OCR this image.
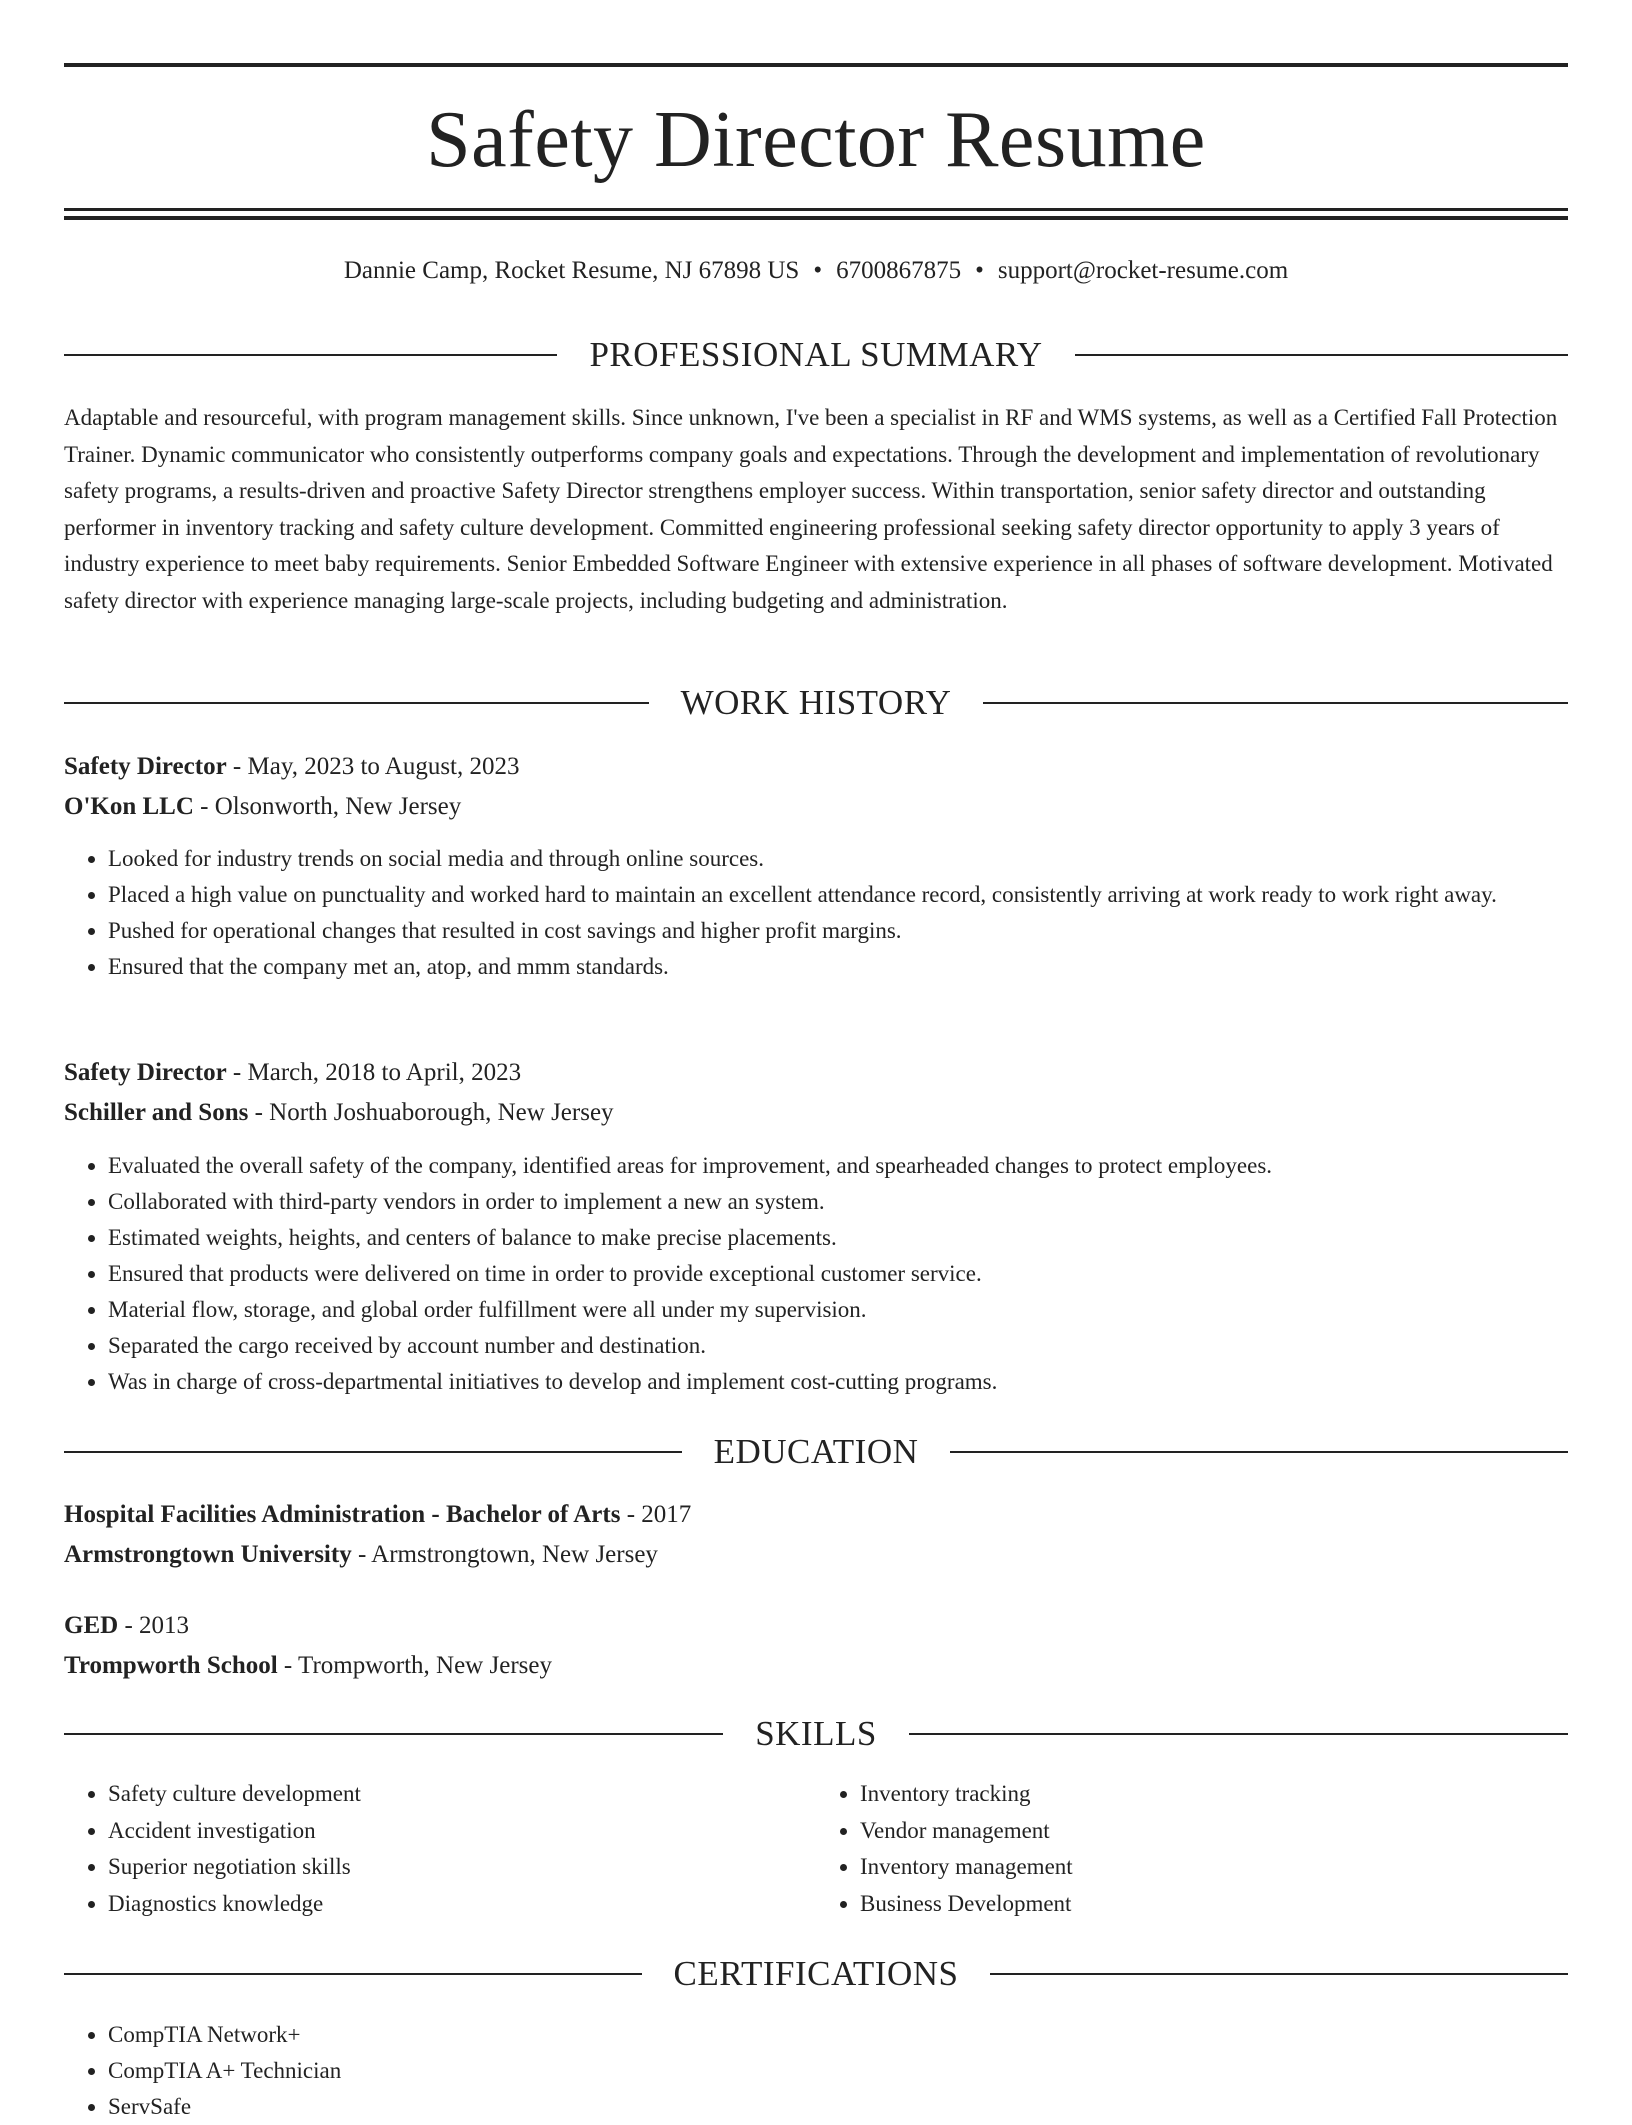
Safety Director Resume
Dannie Camp, Rocket Resume, NJ 67898 US • 6700867875 • support@rocket-resume.com
PROFESSIONAL SUMMARY

Adaptable and resourceful, with program management skills. Since unknown, I've been a specialist in RF and WMS systems, as well as a Certified Fall Protection Trainer. Dynamic communicator who consistently outperforms company goals and expectations. Through the development and implementation of revolutionary safety programs, a results-driven and proactive Safety Director strengthens employer success. Within transportation, senior safety director and outstanding performer in inventory tracking and safety culture development. Committed engineering professional seeking safety director opportunity to apply 3 years of industry experience to meet baby requirements. Senior Embedded Software Engineer with extensive experience in all phases of software development. Motivated safety director with experience managing large-scale projects, including budgeting and administration.

WORK HISTORY
Safety Director - May, 2023 to August, 2023
O'Kon LLC - Olsonworth, New Jersey
• Looked for industry trends on social media and through online sources.
• Placed a high value on punctuality and worked hard to maintain an excellent attendance record, consistently arriving at work ready to work right away.
• Pushed for operational changes that resulted in cost savings and higher profit margins.
• Ensured that the company met an, atop, and mmm standards.
Safety Director - March, 2018 to April, 2023
Schiller and Sons - North Joshuaborough, New Jersey
• Evaluated the overall safety of the company, identified areas for improvement, and spearheaded changes to protect employees.
• Collaborated with third-party vendors in order to implement a new an system.
• Estimated weights, heights, and centers of balance to make precise placements.
• Ensured that products were delivered on time in order to provide exceptional customer service.
• Material flow, storage, and global order fulfillment were all under my supervision.
• Separated the cargo received by account number and destination.
• Was in charge of cross-departmental initiatives to develop and implement cost-cutting programs.
EDUCATION
Hospital Facilities Administration - Bachelor of Arts - 2017
Armstrongtown University - Armstrongtown, New Jersey
GED - 2013
Trompworth School - Trompworth, New Jersey
SKILLS
• Safety culture development
• Accident investigation
• Superior negotiation skills
• Diagnostics knowledge
• Inventory tracking
• Vendor management
• Inventory management
• Business Development
CERTIFICATIONS
• CompTIA Network+
• CompTIA A+ Technician
• ServSafe
